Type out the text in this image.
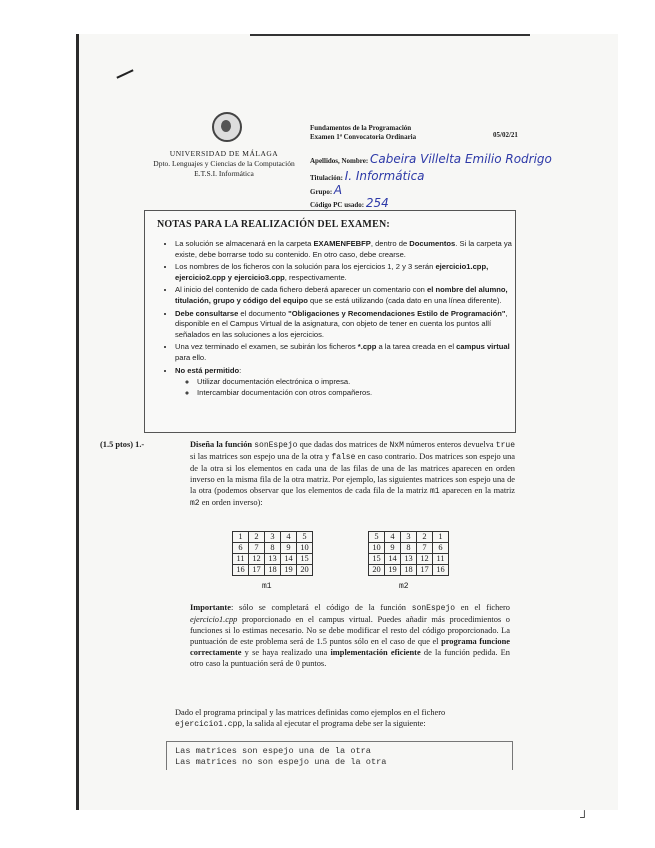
┘
UNIVERSIDAD DE MÁLAGA
Dpto. Lenguajes y Ciencias de la Computación
E.T.S.I. Informática
Fundamentos de la Programación
Examen 1ª Convocatoria Ordinaria	05/02/21
Apellidos, Nombre: Cabeira Villelta Emilio Rodrigo
Titulación: I. Informática
Grupo: A
Código PC usado: 254
NOTAS PARA LA REALIZACIÓN DEL EXAMEN:
• La solución se almacenará en la carpeta EXAMENFEBFP, dentro de Documentos. Si la carpeta ya existe, debe borrarse todo su contenido. En otro caso, debe crearse.
• Los nombres de los ficheros con la solución para los ejercicios 1, 2 y 3 serán ejercicio1.cpp, ejercicio2.cpp y ejercicio3.cpp, respectivamente.
• Al inicio del contenido de cada fichero deberá aparecer un comentario con el nombre del alumno, titulación, grupo y código del equipo que se está utilizando (cada dato en una línea diferente).
• Debe consultarse el documento "Obligaciones y Recomendaciones Estilo de Programación", disponible en el Campus Virtual de la asignatura, con objeto de tener en cuenta los puntos allí señalados en las soluciones a los ejercicios.
• Una vez terminado el examen, se subirán los ficheros *.cpp a la tarea creada en el campus virtual para ello.
• No está permitido:
◦ Utilizar documentación electrónica o impresa.
◦ Intercambiar documentación con otros compañeros.
(1.5 ptos) 1.-	Diseña la función sonEspejo que dadas dos matrices de NxM números enteros devuelva true si las matrices son espejo una de la otra y false en caso contrario. Dos matrices son espejo una de la otra si los elementos en cada una de las filas de una de las matrices aparecen en orden inverso en la misma fila de la otra matriz. Por ejemplo, las siguientes matrices son espejo una de la otra (podemos observar que los elementos de cada fila de la matriz m1 aparecen en la matriz m2 en orden inverso):
1	2	3	4	5
6	7	8	9	10
11	12	13	14	15
16	17	18	19	20
m1
5	4	3	2	1
10	9	8	7	6
15	14	13	12	11
20	19	18	17	16
m2
Importante: sólo se completará el código de la función sonEspejo en el fichero ejercicio1.cpp proporcionado en el campus virtual. Puedes añadir más procedimientos o funciones si lo estimas necesario. No se debe modificar el resto del código proporcionado. La puntuación de este problema será de 1.5 puntos sólo en el caso de que el programa funcione correctamente y se haya realizado una implementación eficiente de la función pedida. En otro caso la puntuación será de 0 puntos.
Dado el programa principal y las matrices definidas como ejemplos en el fichero ejercicio1.cpp, la salida al ejecutar el programa debe ser la siguiente:
Las matrices son espejo una de la otra
Las matrices no son espejo una de la otra
